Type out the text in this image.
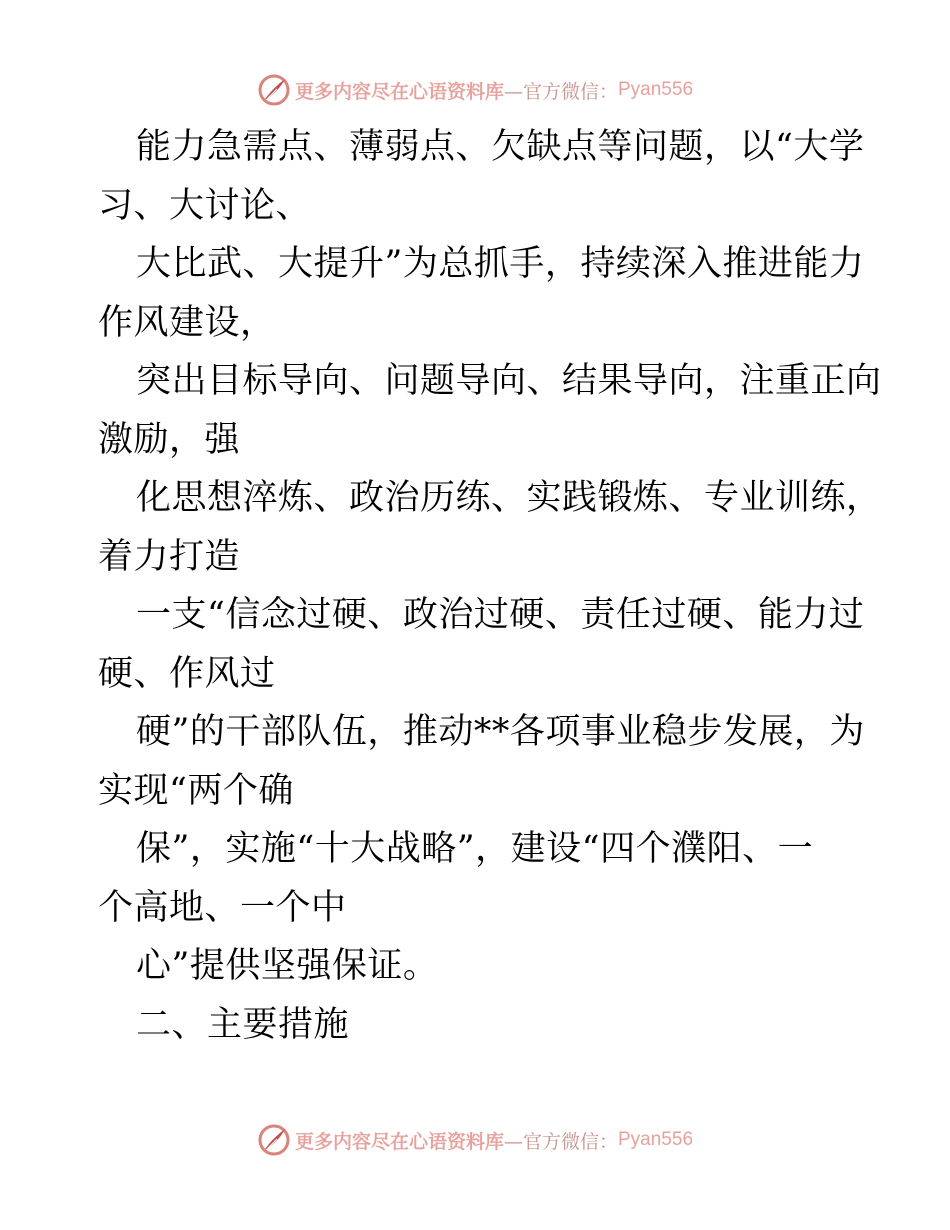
更多内容尽在心语资料库 —官方微信： Pyan556
能力急需点、薄弱点、欠缺点等问题，以“大学
习、大讨论、
大比武、大提升”为总抓手，持续深入推进能力
作风建设，
突出目标导向、问题导向、结果导向，注重正向
激励，强
化思想淬炼、政治历练、实践锻炼、专业训练，
着力打造
一支“信念过硬、政治过硬、责任过硬、能力过
硬、作风过
硬”的干部队伍，推动**各项事业稳步发展，为
实现“两个确
保”，实施“十大战略”，建设“四个濮阳、一
个高地、一个中
心”提供坚强保证。
二、主要措施
更多内容尽在心语资料库 —官方微信： Pyan556
